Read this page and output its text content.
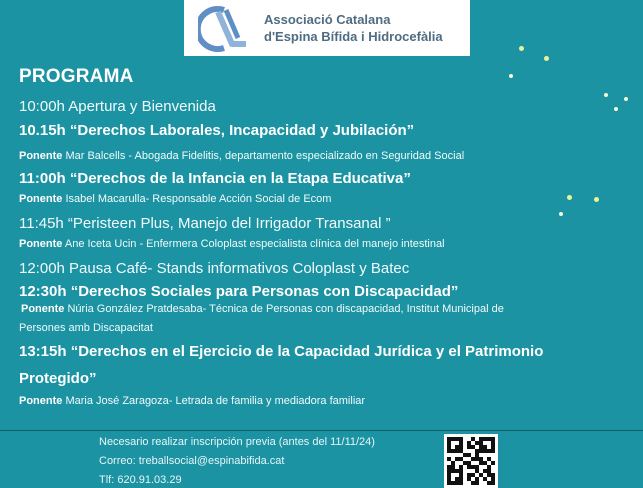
Associació Catalana
d'Espina Bífida i Hidrocefàlia
PROGRAMA
10:00h Apertura y Bienvenida
10.15h “Derechos Laborales, Incapacidad y Jubilación”
Ponente Mar Balcells - Abogada Fidelitis, departamento especializado en Seguridad Social
11:00h “Derechos de la Infancia en la Etapa Educativa”
Ponente Isabel Macarulla- Responsable Acción Social de Ecom
11:45h “Peristeen Plus, Manejo del Irrigador Transanal ”
Ponente Ane Iceta Ucin - Enfermera Coloplast especialista clínica del manejo intestinal
12:00h Pausa Café- Stands informativos Coloplast y Batec
12:30h “Derechos Sociales para Personas con Discapacidad”
Ponente Núria González Pratdesaba- Técnica de Personas con discapacidad, Institut Municipal de
Persones amb Discapacitat
13:15h “Derechos en el Ejercicio de la Capacidad Jurídica y el Patrimonio
Protegido”
Ponente Maria José Zaragoza- Letrada de familia y mediadora familiar
Necesario realizar inscripción previa (antes del 11/11/24)
Correo: treballsocial@espinabifida.cat
Tlf: 620.91.03.29
